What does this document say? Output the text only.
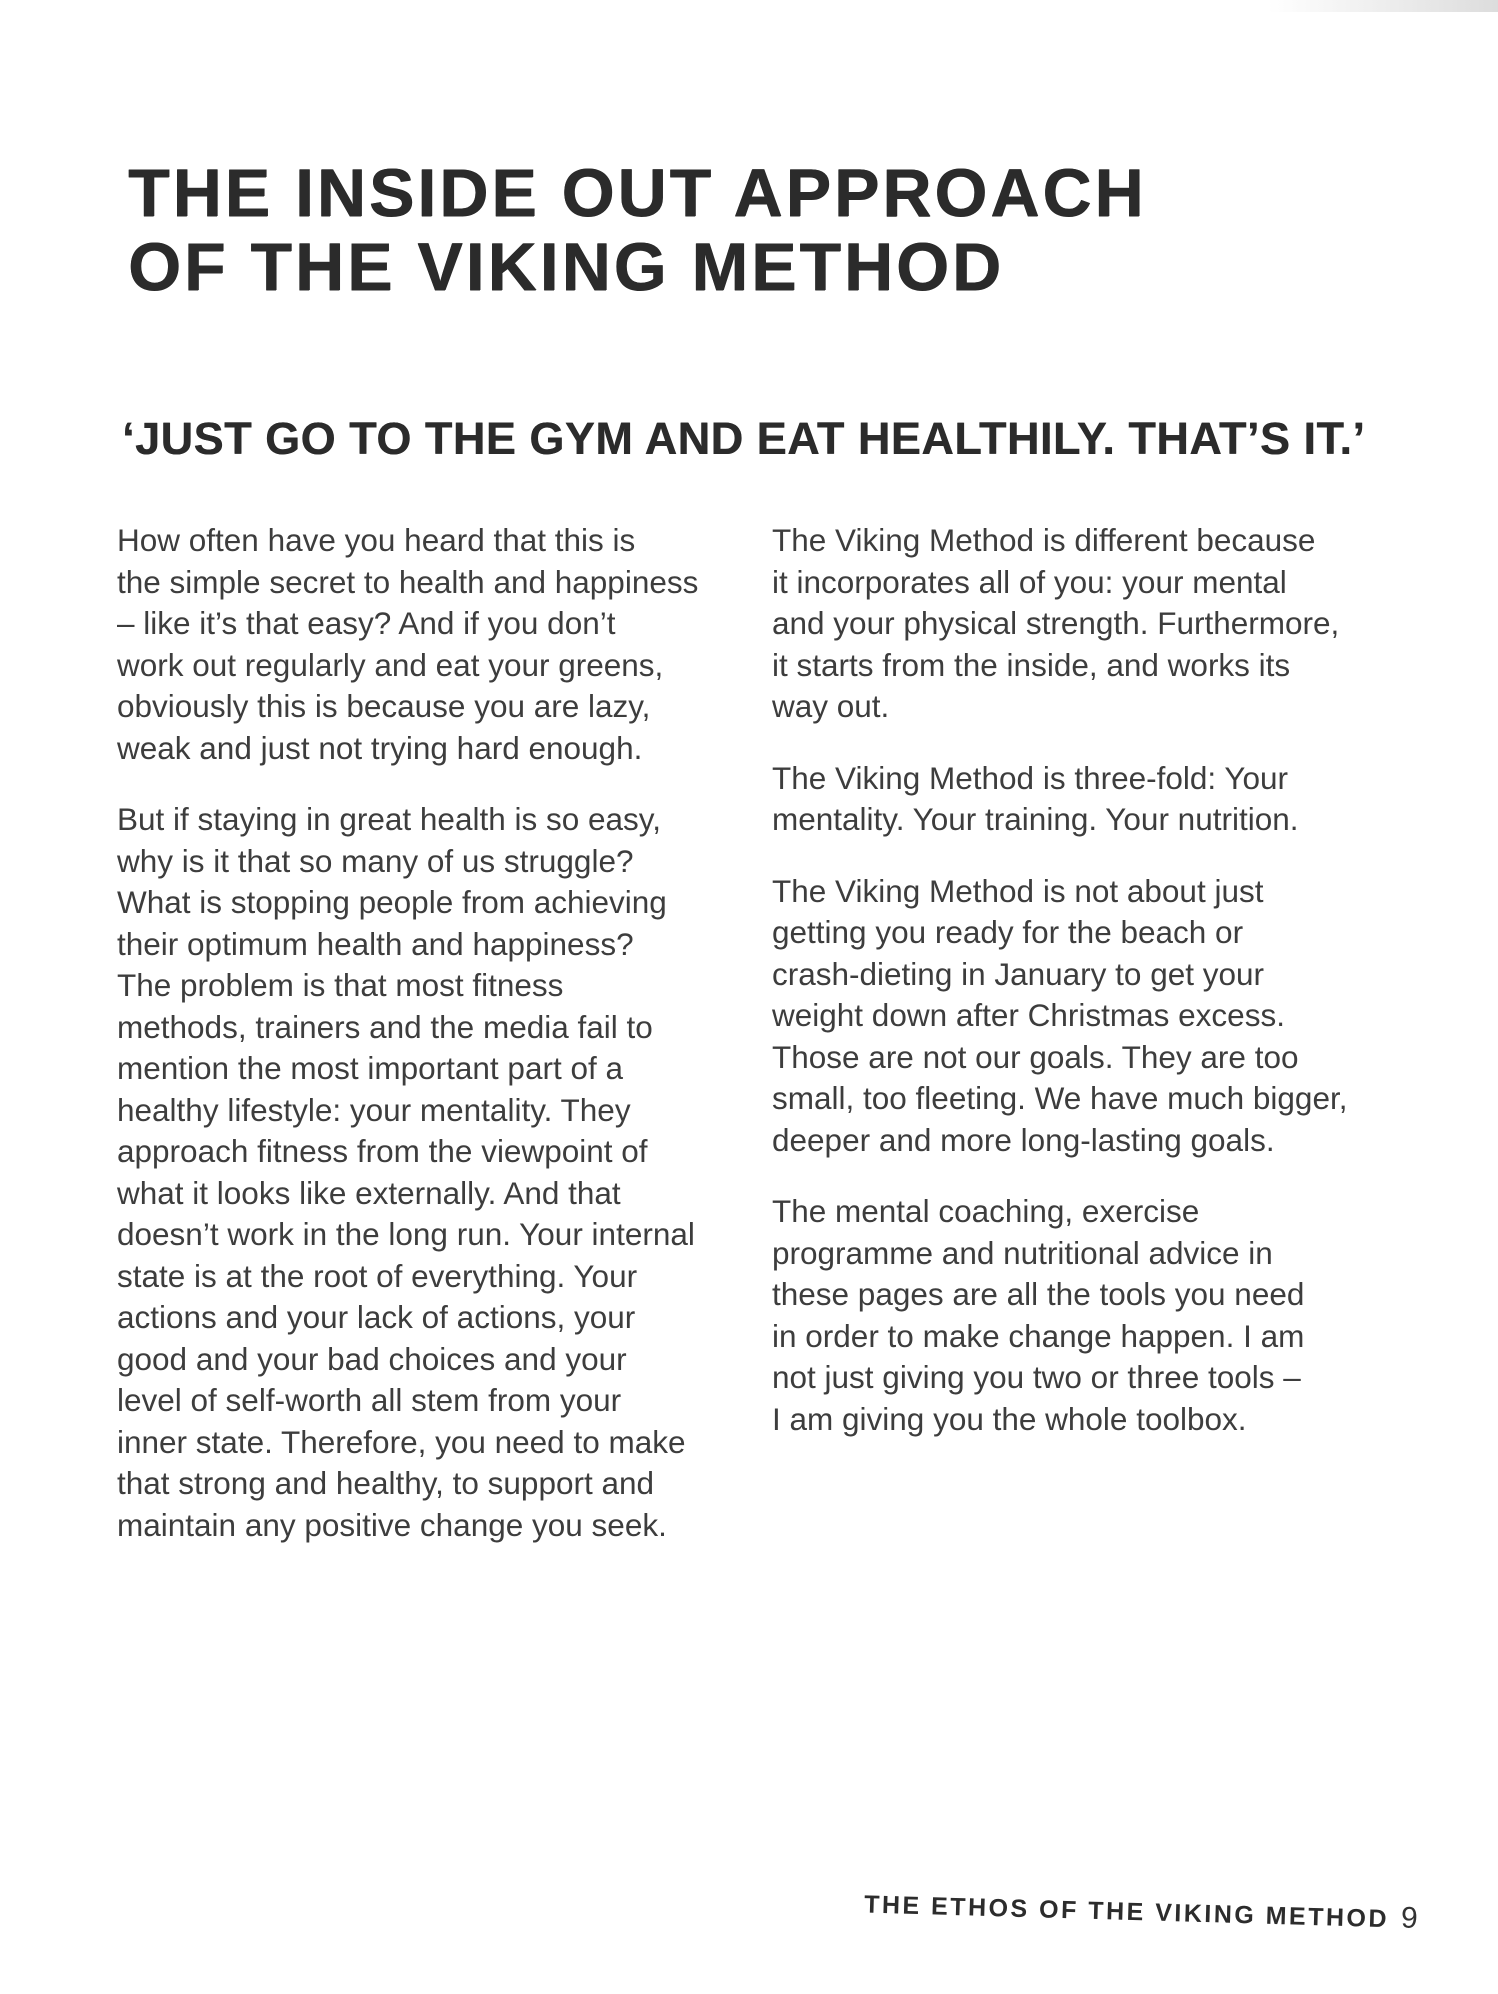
THE INSIDE OUT APPROACH
OF THE VIKING METHOD
‘JUST GO TO THE GYM AND EAT HEALTHILY. THAT’S IT.’
How often have you heard that this is
the simple secret to health and happiness
– like it’s that easy? And if you don’t
work out regularly and eat your greens,
obviously this is because you are lazy,
weak and just not trying hard enough.
But if staying in great health is so easy,
why is it that so many of us struggle?
What is stopping people from achieving
their optimum health and happiness?
The problem is that most fitness
methods, trainers and the media fail to
mention the most important part of a
healthy lifestyle: your mentality. They
approach fitness from the viewpoint of
what it looks like externally. And that
doesn’t work in the long run. Your internal
state is at the root of everything. Your
actions and your lack of actions, your
good and your bad choices and your
level of self-worth all stem from your
inner state. Therefore, you need to make
that strong and healthy, to support and
maintain any positive change you seek.
The Viking Method is different because
it incorporates all of you: your mental
and your physical strength. Furthermore,
it starts from the inside, and works its
way out.
The Viking Method is three-fold: Your
mentality. Your training. Your nutrition.
The Viking Method is not about just
getting you ready for the beach or
crash-dieting in January to get your
weight down after Christmas excess.
Those are not our goals. They are too
small, too fleeting. We have much bigger,
deeper and more long-lasting goals.
The mental coaching, exercise
programme and nutritional advice in
these pages are all the tools you need
in order to make change happen. I am
not just giving you two or three tools –
I am giving you the whole toolbox.
THE ETHOS OF THE VIKING METHOD 9
